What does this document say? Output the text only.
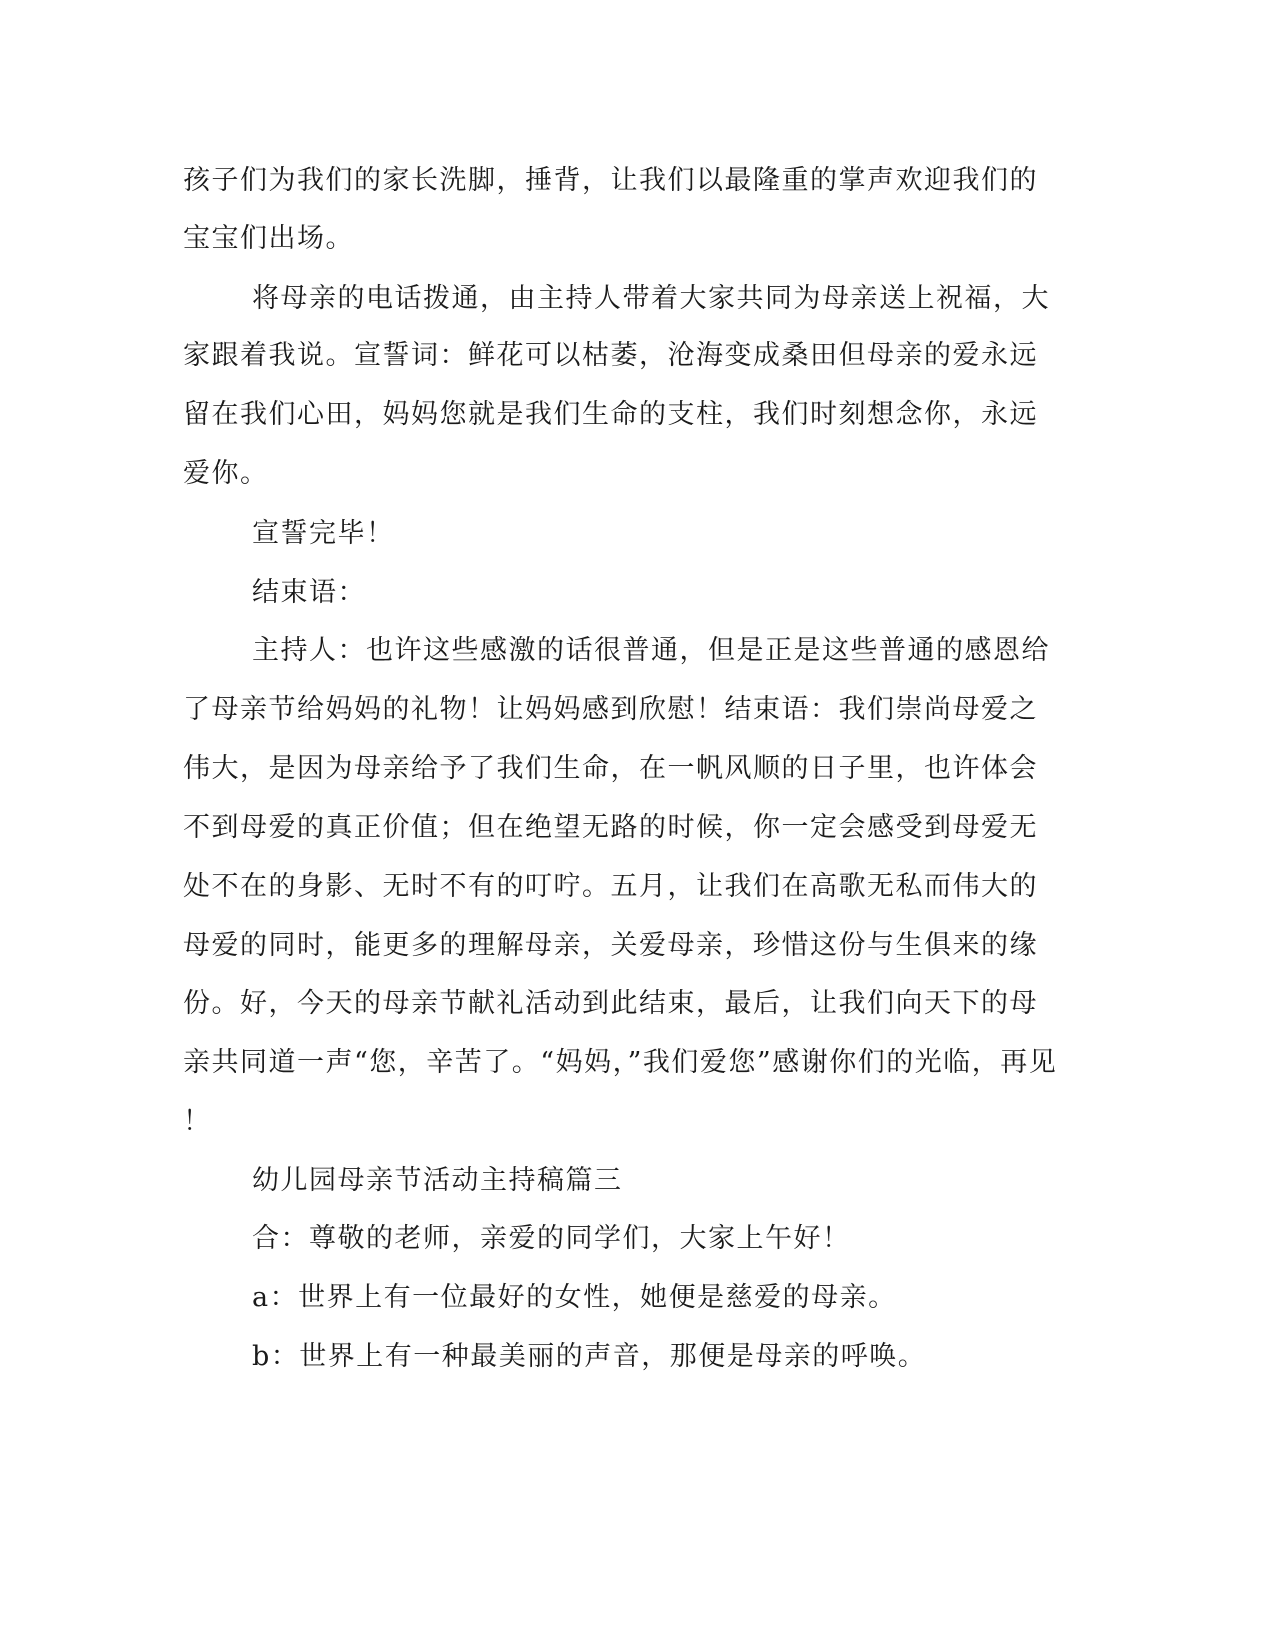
孩子们为我们的家长洗脚，捶背，让我们以最隆重的掌声欢迎我们的
宝宝们出场。
将母亲的电话拨通，由主持人带着大家共同为母亲送上祝福，大
家跟着我说。宣誓词：鲜花可以枯萎，沧海变成桑田但母亲的爱永远
留在我们心田，妈妈您就是我们生命的支柱，我们时刻想念你，永远
爱你。
宣誓完毕！
结束语：
主持人：也许这些感激的话很普通，但是正是这些普通的感恩给
了母亲节给妈妈的礼物！让妈妈感到欣慰！结束语：我们崇尚母爱之
伟大，是因为母亲给予了我们生命，在一帆风顺的日子里，也许体会
不到母爱的真正价值；但在绝望无路的时候，你一定会感受到母爱无
处不在的身影、无时不有的叮咛。五月，让我们在高歌无私而伟大的
母爱的同时，能更多的理解母亲，关爱母亲，珍惜这份与生俱来的缘
份。好，今天的母亲节献礼活动到此结束，最后，让我们向天下的母
亲共同道一声“您，辛苦了。“妈妈，”我们爱您”感谢你们的光临，再见
！
幼儿园母亲节活动主持稿篇三
合：尊敬的老师，亲爱的同学们，大家上午好！
a：世界上有一位最好的女性，她便是慈爱的母亲。
b：世界上有一种最美丽的声音，那便是母亲的呼唤。
